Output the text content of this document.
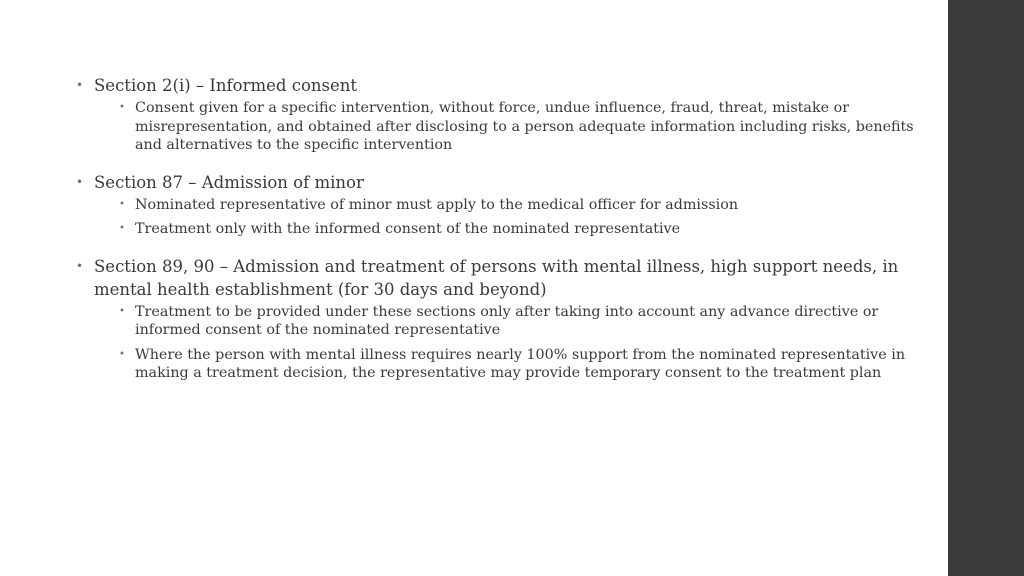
• Section 2(i) – Informed consent
• Consent given for a specific intervention, without force, undue influence, fraud, threat, mistake or misrepresentation, and obtained after disclosing to a person adequate information including risks, benefits and alternatives to the specific intervention
• Section 87 – Admission of minor
• Nominated representative of minor must apply to the medical officer for admission
• Treatment only with the informed consent of the nominated representative
• Section 89, 90 – Admission and treatment of persons with mental illness, high support needs, in mental health establishment (for 30 days and beyond)
• Treatment to be provided under these sections only after taking into account any advance directive or informed consent of the nominated representative
• Where the person with mental illness requires nearly 100% support from the nominated representative in making a treatment decision, the representative may provide temporary consent to the treatment plan
